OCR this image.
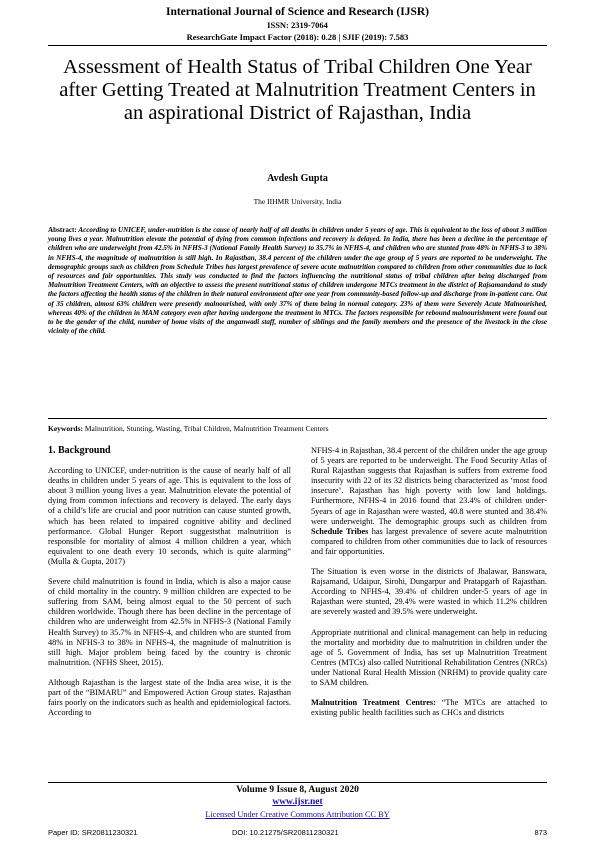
International Journal of Science and Research (IJSR)
ISSN: 2319-7064
ResearchGate Impact Factor (2018): 0.28 | SJIF (2019): 7.583
Assessment of Health Status of Tribal Children One Year after Getting Treated at Malnutrition Treatment Centers in an aspirational District of Rajasthan, India
Avdesh Gupta
The IIHMR University, India
Abstract: According to UNICEF, under-nutrition is the cause of nearly half of all deaths in children under 5 years of age. This is equivalent to the loss of about 3 million young lives a year. Malnutrition elevate the potential of dying from common infections and recovery is delayed. In India, there has been a decline in the percentage of children who are underweight from 42.5% in NFHS-3 (National Family Health Survey) to 35.7% in NFHS-4, and children who are stunted from 48% in NFHS-3 to 38% in NFHS-4, the magnitude of malnutrition is still high. In Rajasthan, 38.4 percent of the children under the age group of 5 years are reported to be underweight. The demographic groups such as children from Schedule Tribes has largest prevalence of severe acute malnutrition compared to children from other communities due to lack of resources and fair opportunities. This study was conducted to find the factors influencing the nutritional status of tribal children after being discharged from Malnutrition Treatment Centers, with an objective to assess the present nutritional status of children undergone MTCs treatment in the district of Rajsamandand to study the factors affecting the health status of the children in their natural environment after one year from community-based follow-up and discharge from in-patient care. Out of 35 children, almost 63% children were presently malnourished, with only 37% of them being in normal category. 23% of them were Severely Acute Malnourished, whereas 40% of the children in MAM category even after having undergone the treatment in MTCs. The factors responsible for rebound malnourishment were found out to be the gender of the child, number of home visits of the anganwadi staff, number of siblings and the family members and the presence of the livestock in the close vicinity of the child.
Keywords: Malnutrition, Stunting, Wasting, Tribal Children, Malnutrition Treatment Centers

1. Background

According to UNICEF, under-nutrition is the cause of nearly half of all deaths in children under 5 years of age. This is equivalent to the loss of about 3 million young lives a year. Malnutrition elevate the potential of dying from common infections and recovery is delayed. The early days of a child’s life are crucial and poor nutrition can cause stunted growth, which has been related to impaired cognitive ability and declined performance. Global Hunger Report suggeststhat malnutrition is responsible for mortality of almost 4 million children a year, which equivalent to one death every 10 seconds, which is quite alarming” (Mulla & Gupta, 2017)

Severe child malnutrition is found in India, which is also a major cause of child mortality in the country. 9 million children are expected to be suffering from SAM, being almost equal to the 50 percent of such children worldwide. Though there has been decline in the percentage of children who are underweight from 42.5% in NFHS-3 (National Family Health Survey) to 35.7% in NFHS-4, and children who are stunted from 48% in NFHS-3 to 38% in NFHS-4, the magnitude of malnutrition is still high. Major problem being faced by the country is chronic malnutrition. (NFHS Sheet, 2015).

Although Rajasthan is the largest state of the India area wise, it is the part of the “BIMARU” and Empowered Action Group states. Rajasthan fairs poorly on the indicators such as health and epidemiological factors. According to

NFHS-4 in Rajasthan, 38.4 percent of the children under the age group of 5 years are reported to be underweight. The Food Security Atlas of Rural Rajasthan suggests that Rajasthan is suffers from extreme food insecurity with 22 of its 32 districts being characterized as ‘most food insecure’. Rajasthan has high poverty with low land holdings. Furthermore, NFHS-4 in 2016 found that 23.4% of children under-5years of age in Rajasthan were wasted, 40.8 were stunted and 38.4% were underweight. The demographic groups such as children from Schedule Tribes has largest prevalence of severe acute malnutrition compared to children from other communities due to lack of resources and fair opportunities.

The Situation is even worse in the districts of Jhalawar, Banswara, Rajsamand, Udaipur, Sirohi, Dungarpur and Pratapgarh of Rajasthan. According to NFHS-4, 39.4% of children under-5 years of age in Rajasthan were stunted, 29.4% were wasted in which 11.2% children are severely wasted and 39.5% were underweight.

Appropriate nutritional and clinical management can help in reducing the mortality and morbidity due to malnutrition in children under the age of 5. Government of India, has set up Malnutrition Treatment Centres (MTCs) also called Nutritional Rehabilitation Centres (NRCs) under National Rural Health Mission (NRHM) to provide quality care to SAM children.

Malnutrition Treatment Centres: “The MTCs are attached to existing public health facilities such as CHCs and districts

Volume 9 Issue 8, August 2020
www.ijsr.net
Licensed Under Creative Commons Attribution CC BY
Paper ID: SR20811230321	DOI: 10.21275/SR20811230321	873
